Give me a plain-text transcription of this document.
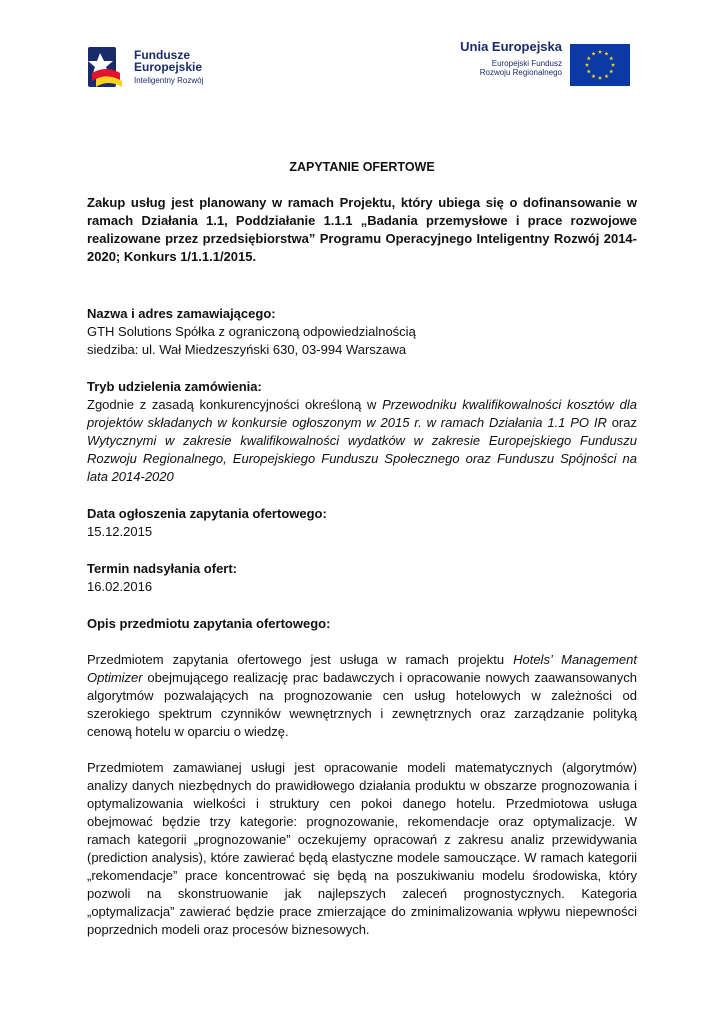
Fundusze
Europejskie
Inteligentny Rozwój
Unia Europejska
Europejski Fundusz
Rozwoju Regionalnego

ZAPYTANIE OFERTOWE

Zakup usług jest planowany w ramach Projektu, który ubiega się o dofinansowanie w ramach Działania 1.1, Poddziałanie 1.1.1 „Badania przemysłowe i prace rozwojowe realizowane przez przedsiębiorstwa” Programu Operacyjnego Inteligentny Rozwój 2014-2020; Konkurs 1/1.1.1/2015.

Nazwa i adres zamawiającego:

GTH Solutions Spółka z ograniczoną odpowiedzialnością

siedziba: ul. Wał Miedzeszyński 630, 03-994 Warszawa

Tryb udzielenia zamówienia:

Zgodnie z zasadą konkurencyjności określoną w Przewodniku kwalifikowalności kosztów dla projektów składanych w konkursie ogłoszonym w 2015 r. w ramach Działania 1.1 PO IR oraz Wytycznymi w zakresie kwalifikowalności wydatków w zakresie Europejskiego Funduszu Rozwoju Regionalnego, Europejskiego Funduszu Społecznego oraz Funduszu Spójności na lata 2014-2020

Data ogłoszenia zapytania ofertowego:

15.12.2015

Termin nadsyłania ofert:

16.02.2016

Opis przedmiotu zapytania ofertowego:

Przedmiotem zapytania ofertowego jest usługa w ramach projektu Hotels’ Management Optimizer obejmującego realizację prac badawczych i opracowanie nowych zaawansowanych algorytmów pozwalających na prognozowanie cen usług hotelowych w zależności od szerokiego spektrum czynników wewnętrznych i zewnętrznych oraz zarządzanie polityką cenową hotelu w oparciu o wiedzę.

Przedmiotem zamawianej usługi jest opracowanie modeli matematycznych (algorytmów) analizy danych niezbędnych do prawidłowego działania produktu w obszarze prognozowania i optymalizowania wielkości i struktury cen pokoi danego hotelu. Przedmiotowa usługa obejmować będzie trzy kategorie: prognozowanie, rekomendacje oraz optymalizacje. W ramach kategorii „prognozowanie” oczekujemy opracowań z zakresu analiz przewidywania (prediction analysis), które zawierać będą elastyczne modele samouczące. W ramach kategorii „rekomendacje” prace koncentrować się będą na poszukiwaniu modelu środowiska, który pozwoli na skonstruowanie jak najlepszych zaleceń prognostycznych. Kategoria „optymalizacja” zawierać będzie prace zmierzające do zminimalizowania wpływu niepewności poprzednich modeli oraz procesów biznesowych.
